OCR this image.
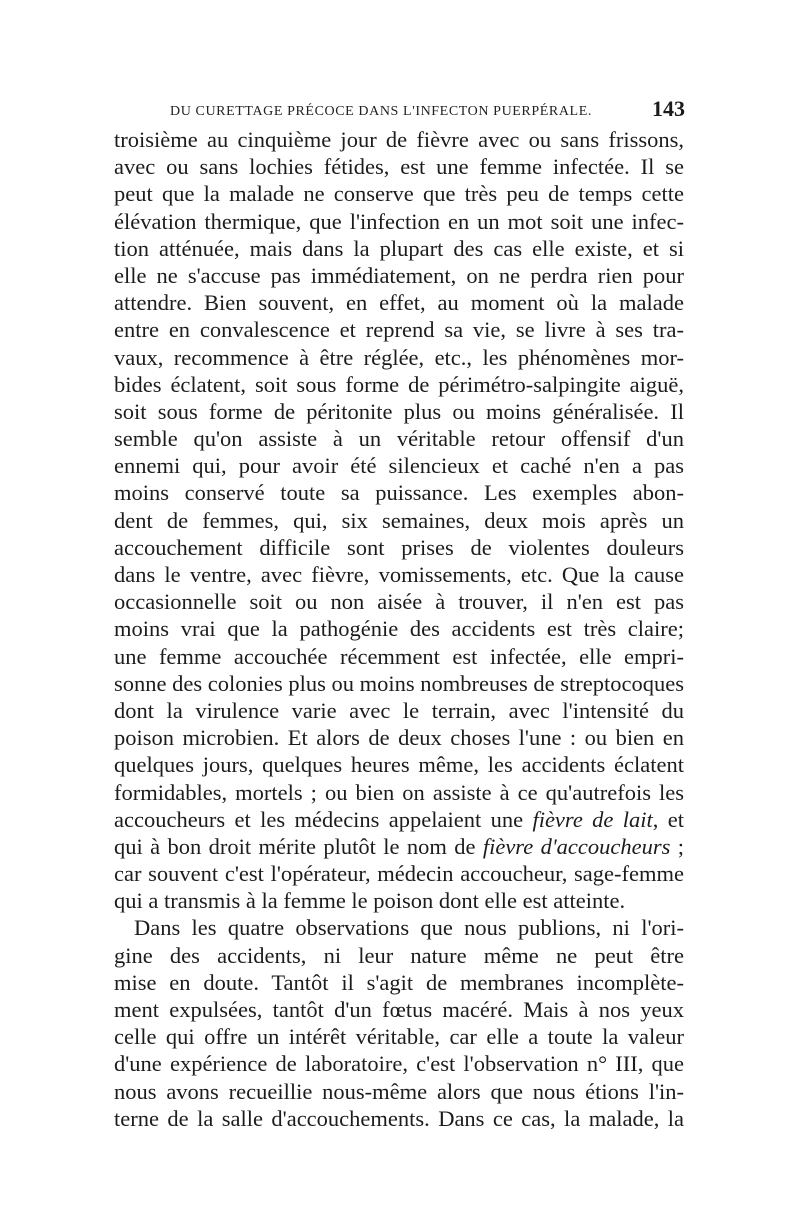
DU CURETTAGE PRÉCOCE DANS L'INFECTON PUERPÉRALE.	143
troisième au cinquième jour de fièvre avec ou sans frissons,
avec ou sans lochies fétides, est une femme infectée. Il se
peut que la malade ne conserve que très peu de temps cette
élévation thermique, que l'infection en un mot soit une infec-
tion atténuée, mais dans la plupart des cas elle existe, et si
elle ne s'accuse pas immédiatement, on ne perdra rien pour
attendre. Bien souvent, en effet, au moment où la malade
entre en convalescence et reprend sa vie, se livre à ses tra-
vaux, recommence à être réglée, etc., les phénomènes mor-
bides éclatent, soit sous forme de périmétro-salpingite aiguë,
soit sous forme de péritonite plus ou moins généralisée. Il
semble qu'on assiste à un véritable retour offensif d'un
ennemi qui, pour avoir été silencieux et caché n'en a pas
moins conservé toute sa puissance. Les exemples abon-
dent de femmes, qui, six semaines, deux mois après un
accouchement difficile sont prises de violentes douleurs
dans le ventre, avec fièvre, vomissements, etc. Que la cause
occasionnelle soit ou non aisée à trouver, il n'en est pas
moins vrai que la pathogénie des accidents est très claire;
une femme accouchée récemment est infectée, elle empri-
sonne des colonies plus ou moins nombreuses de streptocoques
dont la virulence varie avec le terrain, avec l'intensité du
poison microbien. Et alors de deux choses l'une : ou bien en
quelques jours, quelques heures même, les accidents éclatent
formidables, mortels ; ou bien on assiste à ce qu'autrefois les
accoucheurs et les médecins appelaient une fièvre de lait, et
qui à bon droit mérite plutôt le nom de fièvre d'accoucheurs ;
car souvent c'est l'opérateur, médecin accoucheur, sage-femme
qui a transmis à la femme le poison dont elle est atteinte.
Dans les quatre observations que nous publions, ni l'ori-
gine des accidents, ni leur nature même ne peut être
mise en doute. Tantôt il s'agit de membranes incomplète-
ment expulsées, tantôt d'un fœtus macéré. Mais à nos yeux
celle qui offre un intérêt véritable, car elle a toute la valeur
d'une expérience de laboratoire, c'est l'observation n° III, que
nous avons recueillie nous-même alors que nous étions l'in-
terne de la salle d'accouchements. Dans ce cas, la malade, la
